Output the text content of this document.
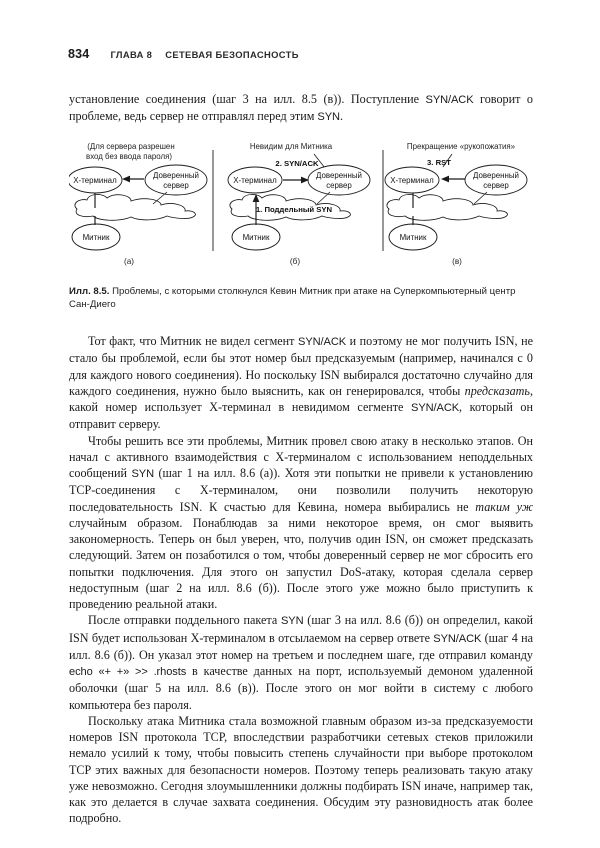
834 ГЛАВА 8 СЕТЕВАЯ БЕЗОПАСНОСТЬ

установление соединения (шаг 3 на илл. 8.5 (в)). Поступление SYN/ACK говорит о проблеме, ведь сервер не отправлял перед этим SYN.

(Для сервера разрешен
вход без ввода пароля)
X-терминал
Доверенный
сервер
Митник
(а)
Невидим для Митника
X-терминал
Доверенный
сервер
Митник
2. SYN/ACK
1. Поддельный SYN
(б)
Прекращение «рукопожатия»
X-терминал
Доверенный
сервер
Митник
3. RST
(в)
Илл. 8.5. Проблемы, с которыми столкнулся Кевин Митник при атаке на Суперкомпьютерный центр Сан-Диего

Тот факт, что Митник не видел сегмент SYN/ACK и поэтому не мог получить ISN, не стало бы проблемой, если бы этот номер был предсказуемым (например, начинался с 0 для каждого нового соединения). Но поскольку ISN выбирался достаточно случайно для каждого соединения, нужно было выяснить, как он генерировался, чтобы предсказать, какой номер использует X-терминал в невидимом сегменте SYN/ACK, который он отправит серверу.

Чтобы решить все эти проблемы, Митник провел свою атаку в несколько этапов. Он начал с активного взаимодействия с X-терминалом с использованием неподдельных сообщений SYN (шаг 1 на илл. 8.6 (а)). Хотя эти попытки не привели к установлению TCP-соединения с X-терминалом, они позволили получить некоторую последовательность ISN. К счастью для Кевина, номера выбирались не таким уж случайным образом. Понаблюдав за ними некоторое время, он смог выявить закономерность. Теперь он был уверен, что, получив один ISN, он сможет предсказать следующий. Затем он позаботился о том, чтобы доверенный сервер не мог сбросить его попытки подключения. Для этого он запустил DoS-атаку, которая сделала сервер недоступным (шаг 2 на илл. 8.6 (б)). После этого уже можно было приступить к проведению реальной атаки.

После отправки поддельного пакета SYN (шаг 3 на илл. 8.6 (б)) он определил, какой ISN будет использован X-терминалом в отсылаемом на сервер ответе SYN/ACK (шаг 4 на илл. 8.6 (б)). Он указал этот номер на третьем и последнем шаге, где отправил команду echo «+ +» >> .rhosts в качестве данных на порт, используемый демоном удаленной оболочки (шаг 5 на илл. 8.6 (в)). После этого он мог войти в систему с любого компьютера без пароля.

Поскольку атака Митника стала возможной главным образом из-за предсказуемости номеров ISN протокола TCP, впоследствии разработчики сетевых стеков приложили немало усилий к тому, чтобы повысить степень случайности при выборе протоколом TCP этих важных для безопасности номеров. Поэтому теперь реализовать такую атаку уже невозможно. Сегодня злоумышленники должны подбирать ISN иначе, например так, как это делается в случае захвата соединения. Обсудим эту разновидность атак более подробно.
